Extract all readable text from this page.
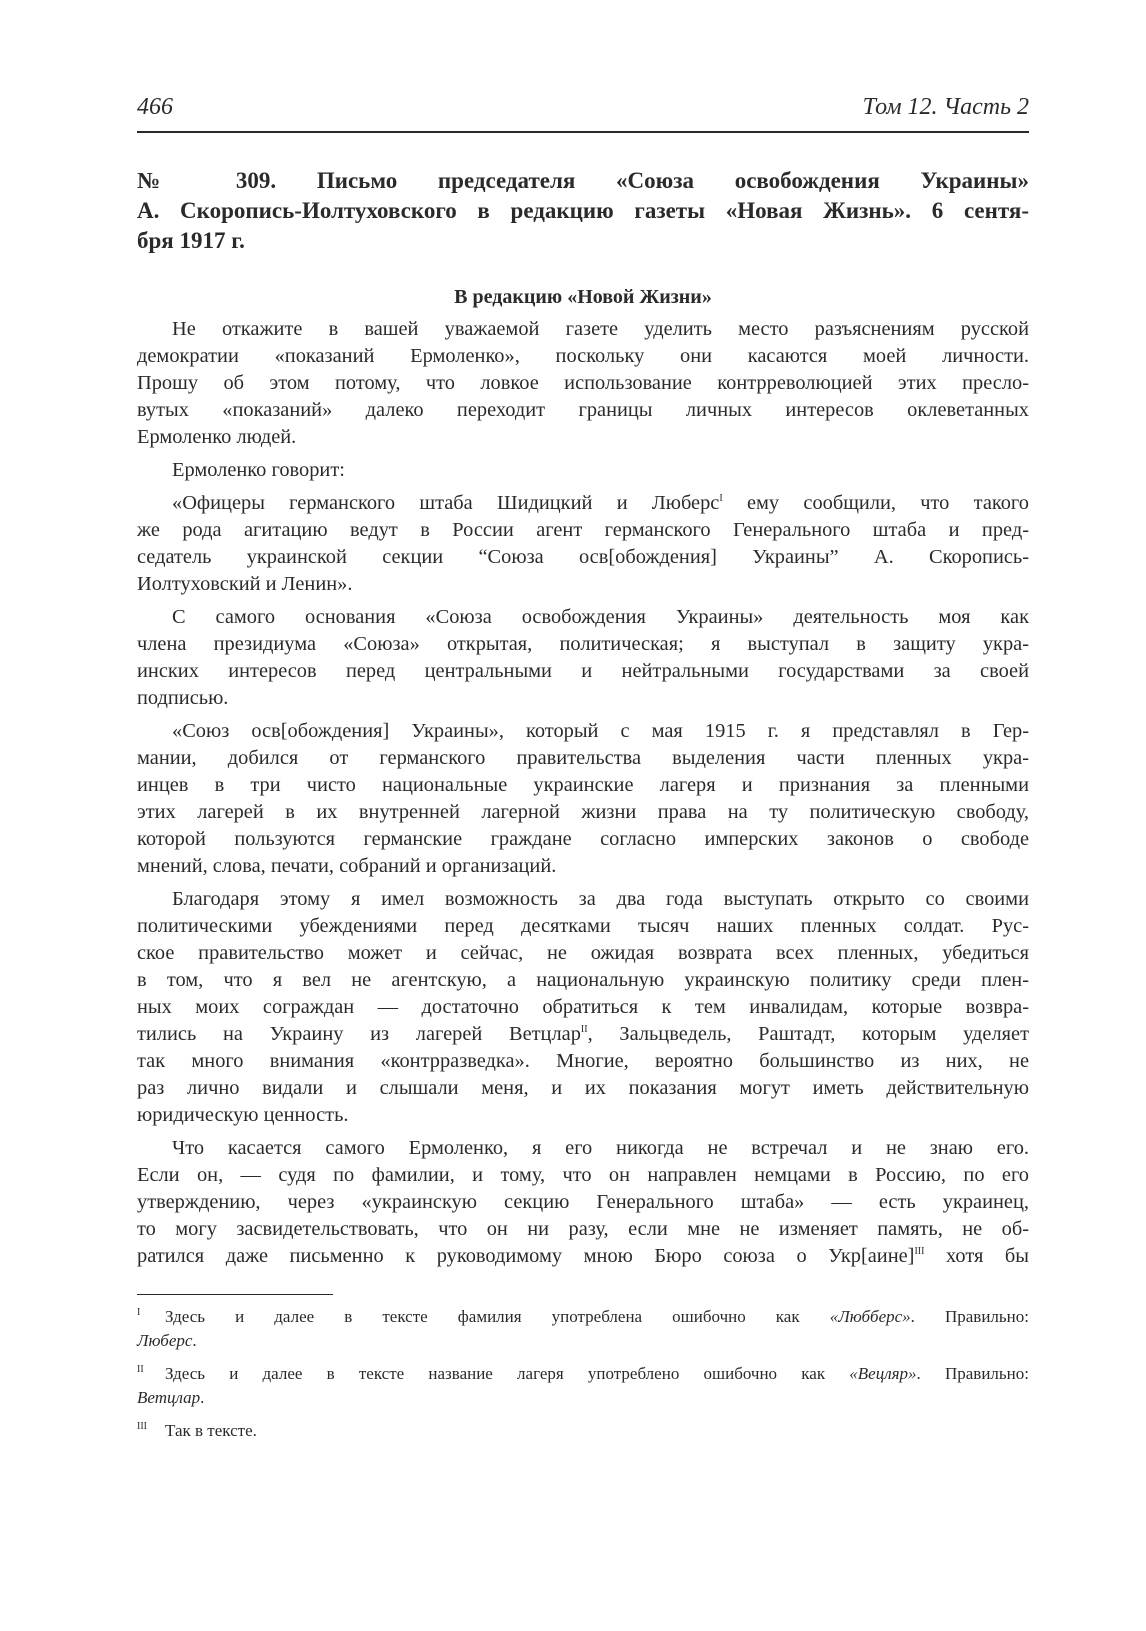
466	Том 12. Часть 2
№ 309. Письмо председателя «Союза освобождения Украины»
А. Скоропись-Иолтуховского в редакцию газеты «Новая Жизнь». 6 сентя-
бря 1917 г.
В редакцию «Новой Жизни»

Не откажите в вашей уважаемой газете уделить место разъяснениям русской
демократии «показаний Ермоленко», поскольку они касаются моей личности.
Прошу об этом потому, что ловкое использование контрреволюцией этих пресло-
вутых «показаний» далеко переходит границы личных интересов оклеветанных
Ермоленко людей.

Ермоленко говорит:

«Офицеры германского штаба Шидицкий и Люберс$^I$ ему сообщили, что такого
же рода агитацию ведут в России агент германского Генерального штаба и пред-
седатель украинской секции “Союза осв[обождения] Украины” А. Скоропись-
Иолтуховский и Ленин».

С самого основания «Союза освобождения Украины» деятельность моя как
члена президиума «Союза» открытая, политическая; я выступал в защиту укра-
инских интересов перед центральными и нейтральными государствами за своей
подписью.

«Союз осв[обождения] Украины», который с мая 1915 г. я представлял в Гер-
мании, добился от германского правительства выделения части пленных укра-
инцев в три чисто национальные украинские лагеря и признания за пленными
этих лагерей в их внутренней лагерной жизни права на ту политическую свободу,
которой пользуются германские граждане согласно имперских законов о свободе
мнений, слова, печати, собраний и организаций.

Благодаря этому я имел возможность за два года выступать открыто со своими
политическими убеждениями перед десятками тысяч наших пленных солдат. Рус-
ское правительство может и сейчас, не ожидая возврата всех пленных, убедиться
в том, что я вел не агентскую, а национальную украинскую политику среди плен-
ных моих сограждан — достаточно обратиться к тем инвалидам, которые возвра-
тились на Украину из лагерей Ветцлар$^{II}$, Зальцведель, Раштадт, которым уделяет
так много внимания «контрразведка». Многие, вероятно большинство из них, не
раз лично видали и слышали меня, и их показания могут иметь действительную
юридическую ценность.

Что касается самого Ермоленко, я его никогда не встречал и не знаю его.
Если он, — судя по фамилии, и тому, что он направлен немцами в Россию, по его
утверждению, через «украинскую секцию Генерального штаба» — есть украинец,
то могу засвидетельствовать, что он ни разу, если мне не изменяет память, не об-
ратился даже письменно к руководимому мною Бюро союза о Укр[аине]$^{III}$ хотя бы

I Здесь и далее в тексте фамилия употреблена ошибочно как «Любберс». Правильно:
Люберс.
II Здесь и далее в тексте название лагеря употреблено ошибочно как «Вецляр». Правильно:
Ветцлар.
III Так в тексте.
